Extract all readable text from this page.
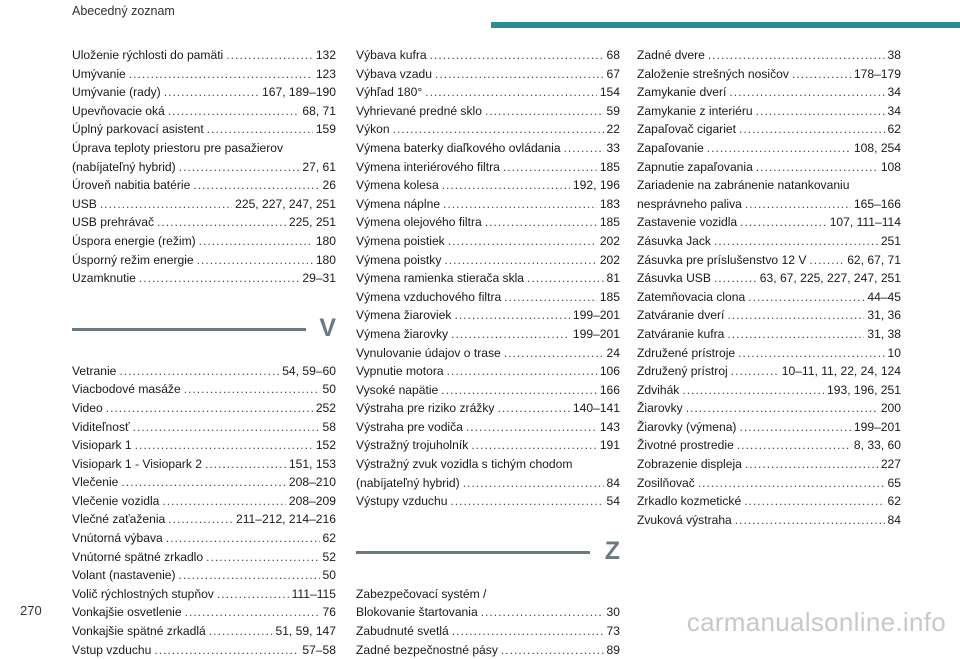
Abecedný zoznam
Uloženie rýchlosti do pamäti .....	132
Umývanie .....	123
Umývanie (rady) .....	167, 189–190
Upevňovacie oká .....	68, 71
Úplný parkovací asistent .....	159
Úprava teploty priestoru pre pasažierov
(nabíjateľný hybrid) .....	27, 61
Úroveň nabitia batérie .....	26
USB .....	225, 227, 247, 251
USB prehrávač .....	225, 251
Úspora energie (režim) .....	180
Úsporný režim energie .....	180
Uzamknutie .....	29–31
V
Vetranie .....	54, 59–60
Viacbodové masáže .....	50
Video .....	252
Viditeľnosť .....	58
Visiopark 1 .....	152
Visiopark 1 - Visiopark 2 .....	151, 153
Vlečenie .....	208–210
Vlečenie vozidla .....	208–209
Vlečné zaťaženia .....	211–212, 214–216
Vnútorná výbava .....	62
Vnútorné spätné zrkadlo .....	52
Volant (nastavenie) .....	50
Volič rýchlostných stupňov .....	111–115
Vonkajšie osvetlenie .....	76
Vonkajšie spätné zrkadlá .....	51, 59, 147
Vstup vzduchu .....	57–58
Výbava kufra .....	68
Výbava vzadu .....	67
Výhľad 180° .....	154
Vyhrievané predné sklo .....	59
Výkon .....	22
Výmena baterky diaľkového ovládania .....	33
Výmena interiérového filtra .....	185
Výmena kolesa .....	192, 196
Výmena náplne .....	183
Výmena olejového filtra .....	185
Výmena poistiek .....	202
Výmena poistky .....	202
Výmena ramienka stierača skla .....	81
Výmena vzduchového filtra .....	185
Výmena žiaroviek .....	199–201
Výmena žiarovky .....	199–201
Vynulovanie údajov o trase .....	24
Vypnutie motora .....	106
Vysoké napätie .....	166
Výstraha pre riziko zrážky .....	140–141
Výstraha pre vodiča .....	143
Výstražný trojuholník .....	191
Výstražný zvuk vozidla s tichým chodom
(nabíjateľný hybrid) .....	84
Výstupy vzduchu .....	54
Z
Zabezpečovací systém /
Blokovanie štartovania .....	30
Zabudnuté svetlá .....	73
Zadné bezpečnostné pásy .....	89
Zadné dvere .....	38
Založenie strešných nosičov .....	178–179
Zamykanie dverí .....	34
Zamykanie z interiéru .....	34
Zapaľovač cigariet .....	62
Zapaľovanie .....	108, 254
Zapnutie zapaľovania .....	108
Zariadenie na zabránenie natankovaniu
nesprávneho paliva .....	165–166
Zastavenie vozidla .....	107, 111–114
Zásuvka Jack .....	251
Zásuvka pre príslušenstvo 12 V .....	62, 67, 71
Zásuvka USB .....	63, 67, 225, 227, 247, 251
Zatemňovacia clona .....	44–45
Zatváranie dverí .....	31, 36
Zatváranie kufra .....	31, 38
Združené prístroje .....	10
Združený prístroj .....	10–11, 11, 22, 24, 124
Zdvihák .....	193, 196, 251
Žiarovky .....	200
Žiarovky (výmena) .....	199–201
Životné prostredie .....	8, 33, 60
Zobrazenie displeja .....	227
Zosilňovač .....	65
Zrkadlo kozmetické .....	62
Zvuková výstraha .....	84
270	carmanualsonline.info
